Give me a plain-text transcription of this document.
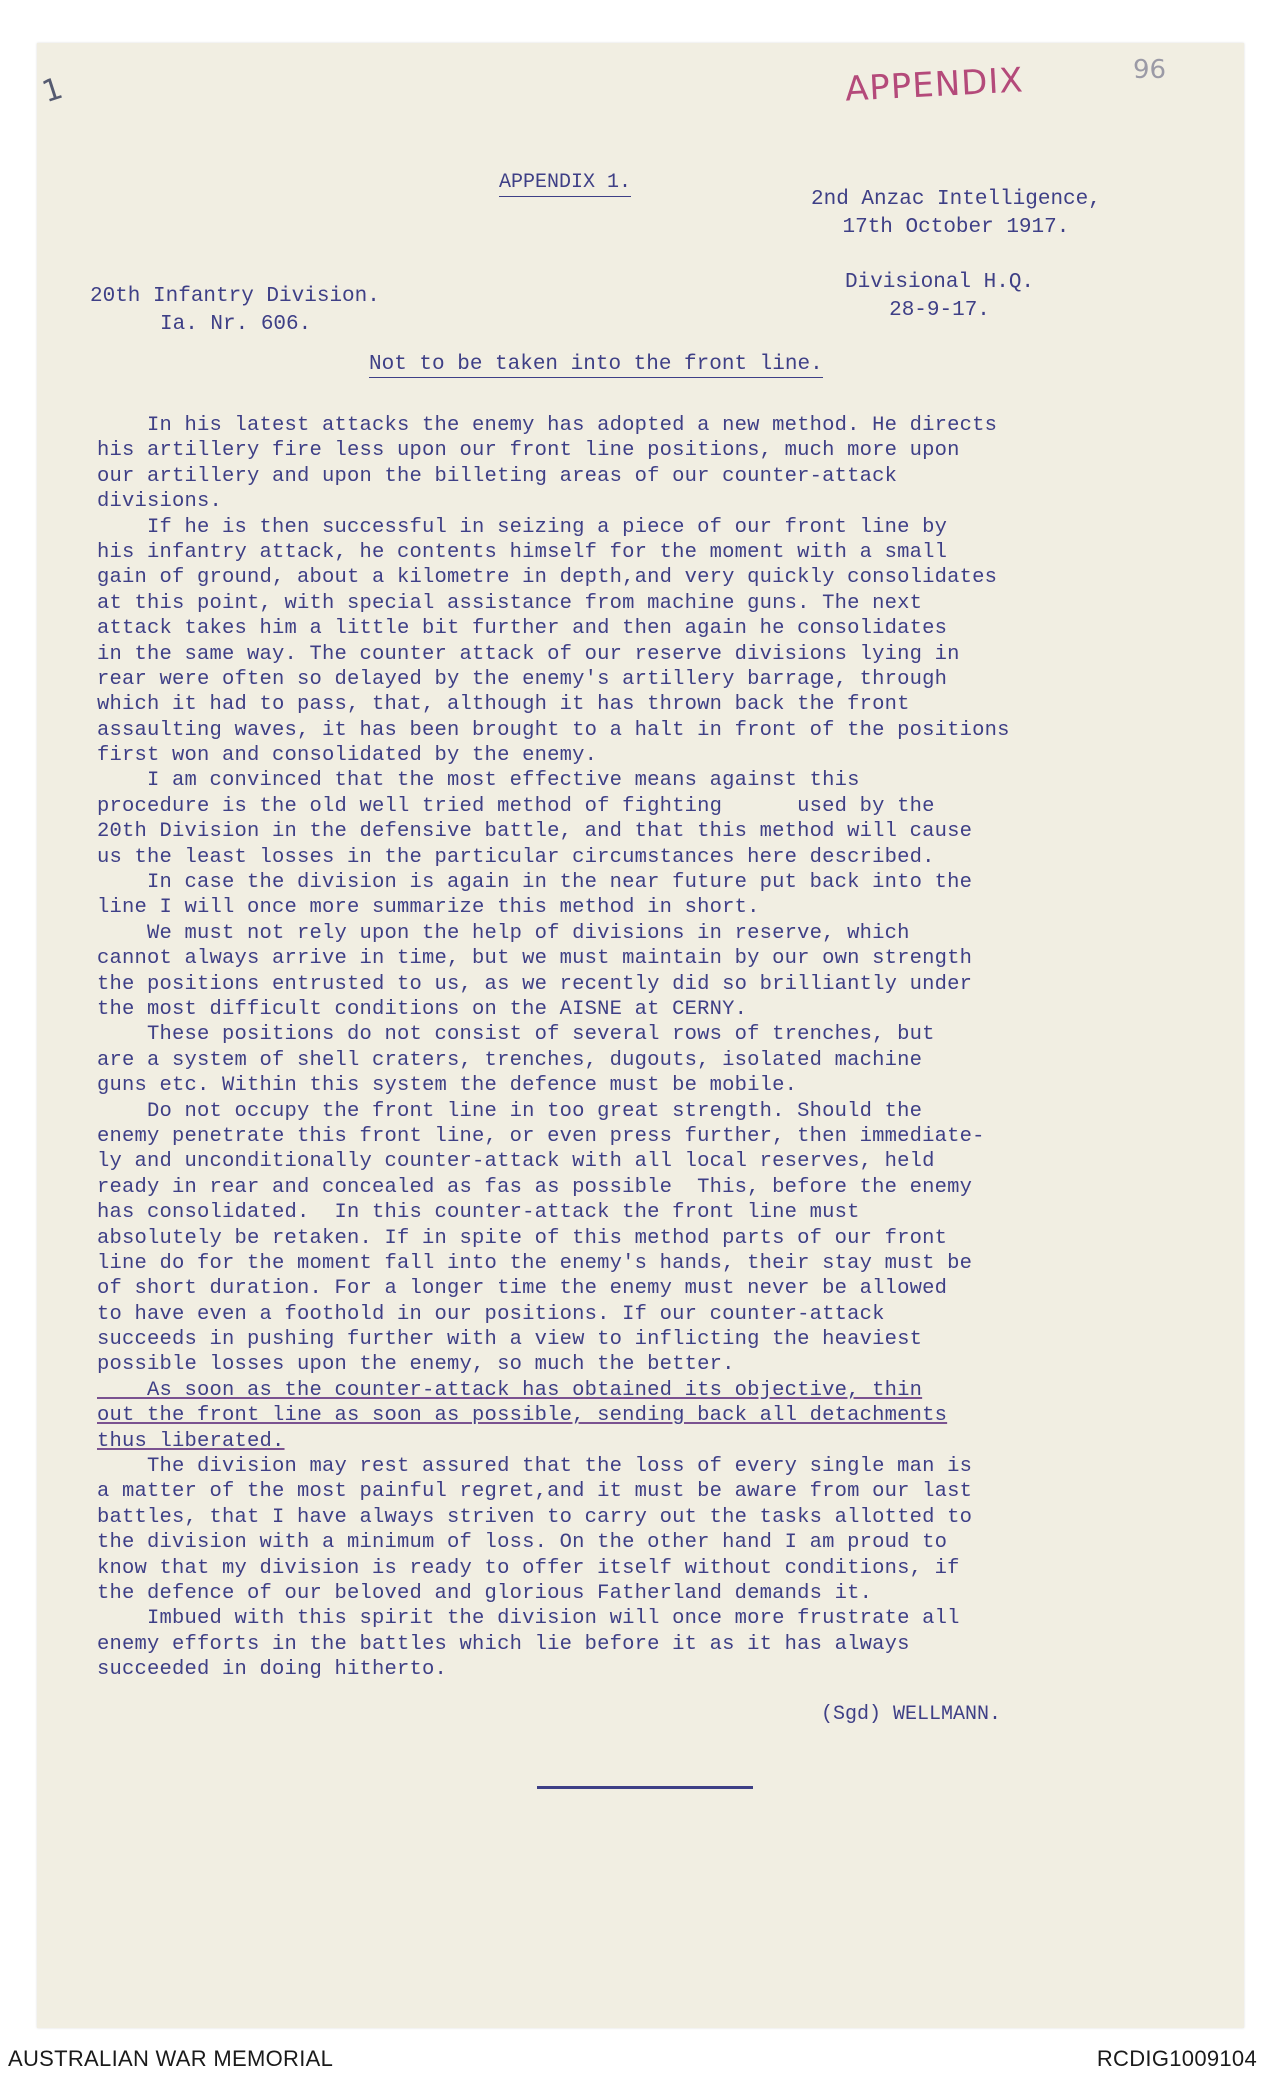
1	APPENDIX	96
APPENDIX 1.
2nd Anzac Intelligence,
17th October 1917.
20th Infantry Division.
Ia. Nr. 606.
Divisional H.Q.
28-9-17.
Not to be taken into the front line.
In his latest attacks the enemy has adopted a new method. He directs
his artillery fire less upon our front line positions, much more upon
our artillery and upon the billeting areas of our counter-attack
divisions.
If he is then successful in seizing a piece of our front line by
his infantry attack, he contents himself for the moment with a small
gain of ground, about a kilometre in depth,and very quickly consolidates
at this point, with special assistance from machine guns. The next
attack takes him a little bit further and then again he consolidates
in the same way. The counter attack of our reserve divisions lying in
rear were often so delayed by the enemy's artillery barrage, through
which it had to pass, that, although it has thrown back the front
assaulting waves, it has been brought to a halt in front of the positions
first won and consolidated by the enemy.
I am convinced that the most effective means against this
procedure is the old well tried method of fighting      used by the
20th Division in the defensive battle, and that this method will cause
us the least losses in the particular circumstances here described.
In case the division is again in the near future put back into the
line I will once more summarize this method in short.
We must not rely upon the help of divisions in reserve, which
cannot always arrive in time, but we must maintain by our own strength
the positions entrusted to us, as we recently did so brilliantly under
the most difficult conditions on the AISNE at CERNY.
These positions do not consist of several rows of trenches, but
are a system of shell craters, trenches, dugouts, isolated machine
guns etc. Within this system the defence must be mobile.
Do not occupy the front line in too great strength. Should the
enemy penetrate this front line, or even press further, then immediate-
ly and unconditionally counter-attack with all local reserves, held
ready in rear and concealed as fas as possible  This, before the enemy
has consolidated.  In this counter-attack the front line must
absolutely be retaken. If in spite of this method parts of our front
line do for the moment fall into the enemy's hands, their stay must be
of short duration. For a longer time the enemy must never be allowed
to have even a foothold in our positions. If our counter-attack
succeeds in pushing further with a view to inflicting the heaviest
possible losses upon the enemy, so much the better.
As soon as the counter-attack has obtained its objective, thin
out the front line as soon as possible, sending back all detachments
thus liberated.
The division may rest assured that the loss of every single man is
a matter of the most painful regret,and it must be aware from our last
battles, that I have always striven to carry out the tasks allotted to
the division with a minimum of loss. On the other hand I am proud to
know that my division is ready to offer itself without conditions, if
the defence of our beloved and glorious Fatherland demands it.
Imbued with this spirit the division will once more frustrate all
enemy efforts in the battles which lie before it as it has always
succeeded in doing hitherto.
(Sgd) WELLMANN.
AUSTRALIAN WAR MEMORIAL	RCDIG1009104
